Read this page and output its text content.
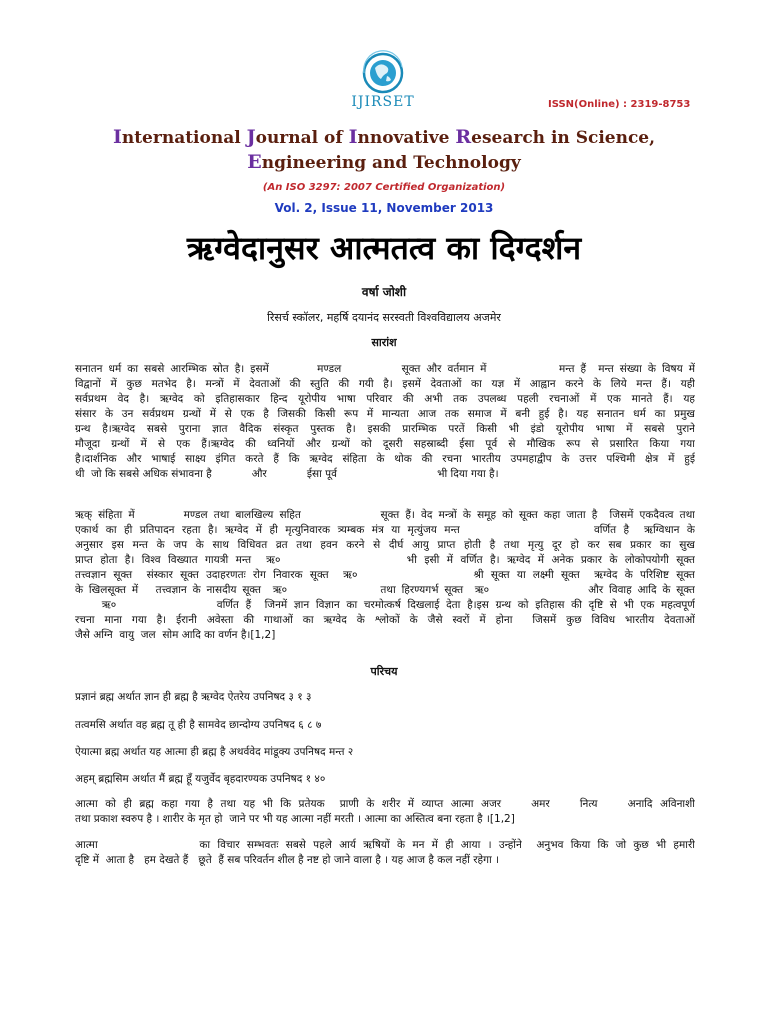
IJIRSET	ISSN(Online) : 2319-8753
International Journal of Innovative Research in Science,
Engineering and Technology
(An ISO 3297: 2007 Certified Organization)
Vol. 2, Issue 11, November 2013
ऋग्वेदानुसर आत्मतत्व का दिग्दर्शन
वर्षा जोशी
रिसर्च स्कॉलर, महर्षि दयानंद सरस्वती विश्वविद्यालय अजमेर
सारांश
सनातन धर्म का सबसे आरम्भिक स्रोत है। इसमें        मण्डल          सूक्त और वर्तमान में            मन्त हैं  मन्त संख्या के विषय में
विद्वानों में कुछ मतभेद है। मन्त्रों में देवताओं की स्तुति की गयी है। इसमें देवताओं का यज्ञ में आह्वान करने के लिये मन्त हैं। यही
सर्वप्रथम वेद है। ऋग्वेद को इतिहासकार हिन्द यूरोपीय भाषा परिवार की अभी तक उपलब्ध पहली रचनाओं में एक मानते हैं। यह
संसार के उन सर्वप्रथम ग्रन्थों में से एक है जिसकी किसी रूप में मान्यता आज तक समाज में बनी हुई है। यह सनातन धर्म का प्रमुख
ग्रन्थ है।ऋग्वेद सबसे पुराना ज्ञात वैदिक संस्कृत पुस्तक है। इसकी प्रारम्भिक परतें किसी भी इंडो यूरोपीय भाषा में सबसे पुराने
मौजूदा ग्रन्थों में से एक हैं।ऋग्वेद की ध्वनियों और ग्रन्थों को दूसरी सहस्राब्दी ईसा पूर्व से मौखिक रूप से प्रसारित किया गया
है।दार्शनिक और भाषाई साक्ष्य इंगित करते हैं कि ऋग्वेद संहिता के थोक की रचना भारतीय उपमहाद्वीप के उत्तर पश्चिमी क्षेत्र में हुई
थी  जो कि सबसे अधिक संभावना है            और            ईसा पूर्व                              भी दिया गया है।
ऋक् संहिता में        मण्डल तथा बालखिल्य सहित             सूक्त हैं। वेद मन्त्रों के समूह को सूक्त कहा जाता है  जिसमें एकदैवत्व तथा
एकार्थ का ही प्रतिपादन रहता है। ऋग्वेद में ही मृत्युनिवारक त्र्यम्बक मंत्र या मृत्युंजय मन्त                  वर्णित है  ऋग्विधान के
अनुसार इस मन्त के जप के साथ विधिवत व्रत तथा हवन करने से दीर्घ आयु प्राप्त होती है तथा मृत्यु दूर हो कर सब प्रकार का सुख
प्राप्त होता है। विश्व विख्यात गायत्री मन्त  ऋ०                 भी इसी में वर्णित है। ऋग्वेद में अनेक प्रकार के लोकोपयोगी सूक्त
तत्त्वज्ञान सूक्त  संस्कार सूक्त उदाहरणतः रोग निवारक सूक्त  ऋ०                श्री सूक्त या लक्ष्मी सूक्त  ऋग्वेद के परिशिष्ट सूक्त
के खिलसूक्त में   तत्त्वज्ञान के नासदीय सूक्त  ऋ०                तथा हिरण्यगर्भ सूक्त  ऋ०                 और विवाह आदि के सूक्त
ऋ०               वर्णित हैं  जिनमें ज्ञान विज्ञान का चरमोत्कर्ष दिखलाई देता है।इस ग्रन्थ को इतिहास की दृष्टि से भी एक महत्वपूर्ण
रचना माना गया है। ईरानी अवेस्ता की गाथाओं का ऋग्वेद के श्लोकों के जैसे स्वरों में होना  जिसमें कुछ विविध भारतीय देवताओं
जैसे अग्नि  वायु  जल  सोम आदि का वर्णन है।[1,2]
परिचय
प्रज्ञानं ब्रह्म अर्थात ज्ञान ही ब्रह्म है ऋग्वेद ऐतरेय उपनिषद ३ १ ३
तत्वमसि अर्थात वह ब्रह्म तू ही है सामवेद छान्दोग्य उपनिषद ६ ८ ७
ऐयात्मा ब्रह्म अर्थात यह आत्मा ही ब्रह्म है अथर्ववेद मांडूक्य उपनिषद मन्त २
अहम् ब्रह्मसिम अर्थात मैं ब्रह्म हूँ यजुर्वेद बृहदारण्यक उपनिषद १ ४०
आत्मा को ही ब्रह्म कहा गया है तथा यह भी कि प्रतेयक  प्राणी के शरीर में व्याप्त आत्मा अजर    अमर    नित्य    अनादि अविनाशी
तथा प्रकाश स्वरुप है । शारीर के मृत हो  जाने पर भी यह आत्मा नहीं मरती । आत्मा का अस्तित्व बना रहता है ।[1,2]
आत्मा              का विचार सम्भवतः सबसे पहले आर्य ऋषियों के मन में ही आया । उन्होंने  अनुभव किया कि जो कुछ भी हमारी
दृष्टि में  आता है   हम देखते हैं   छूते  हैं सब परिवर्तन शील है नष्ट हो जाने वाला है । यह आज है कल नहीं रहेगा ।
